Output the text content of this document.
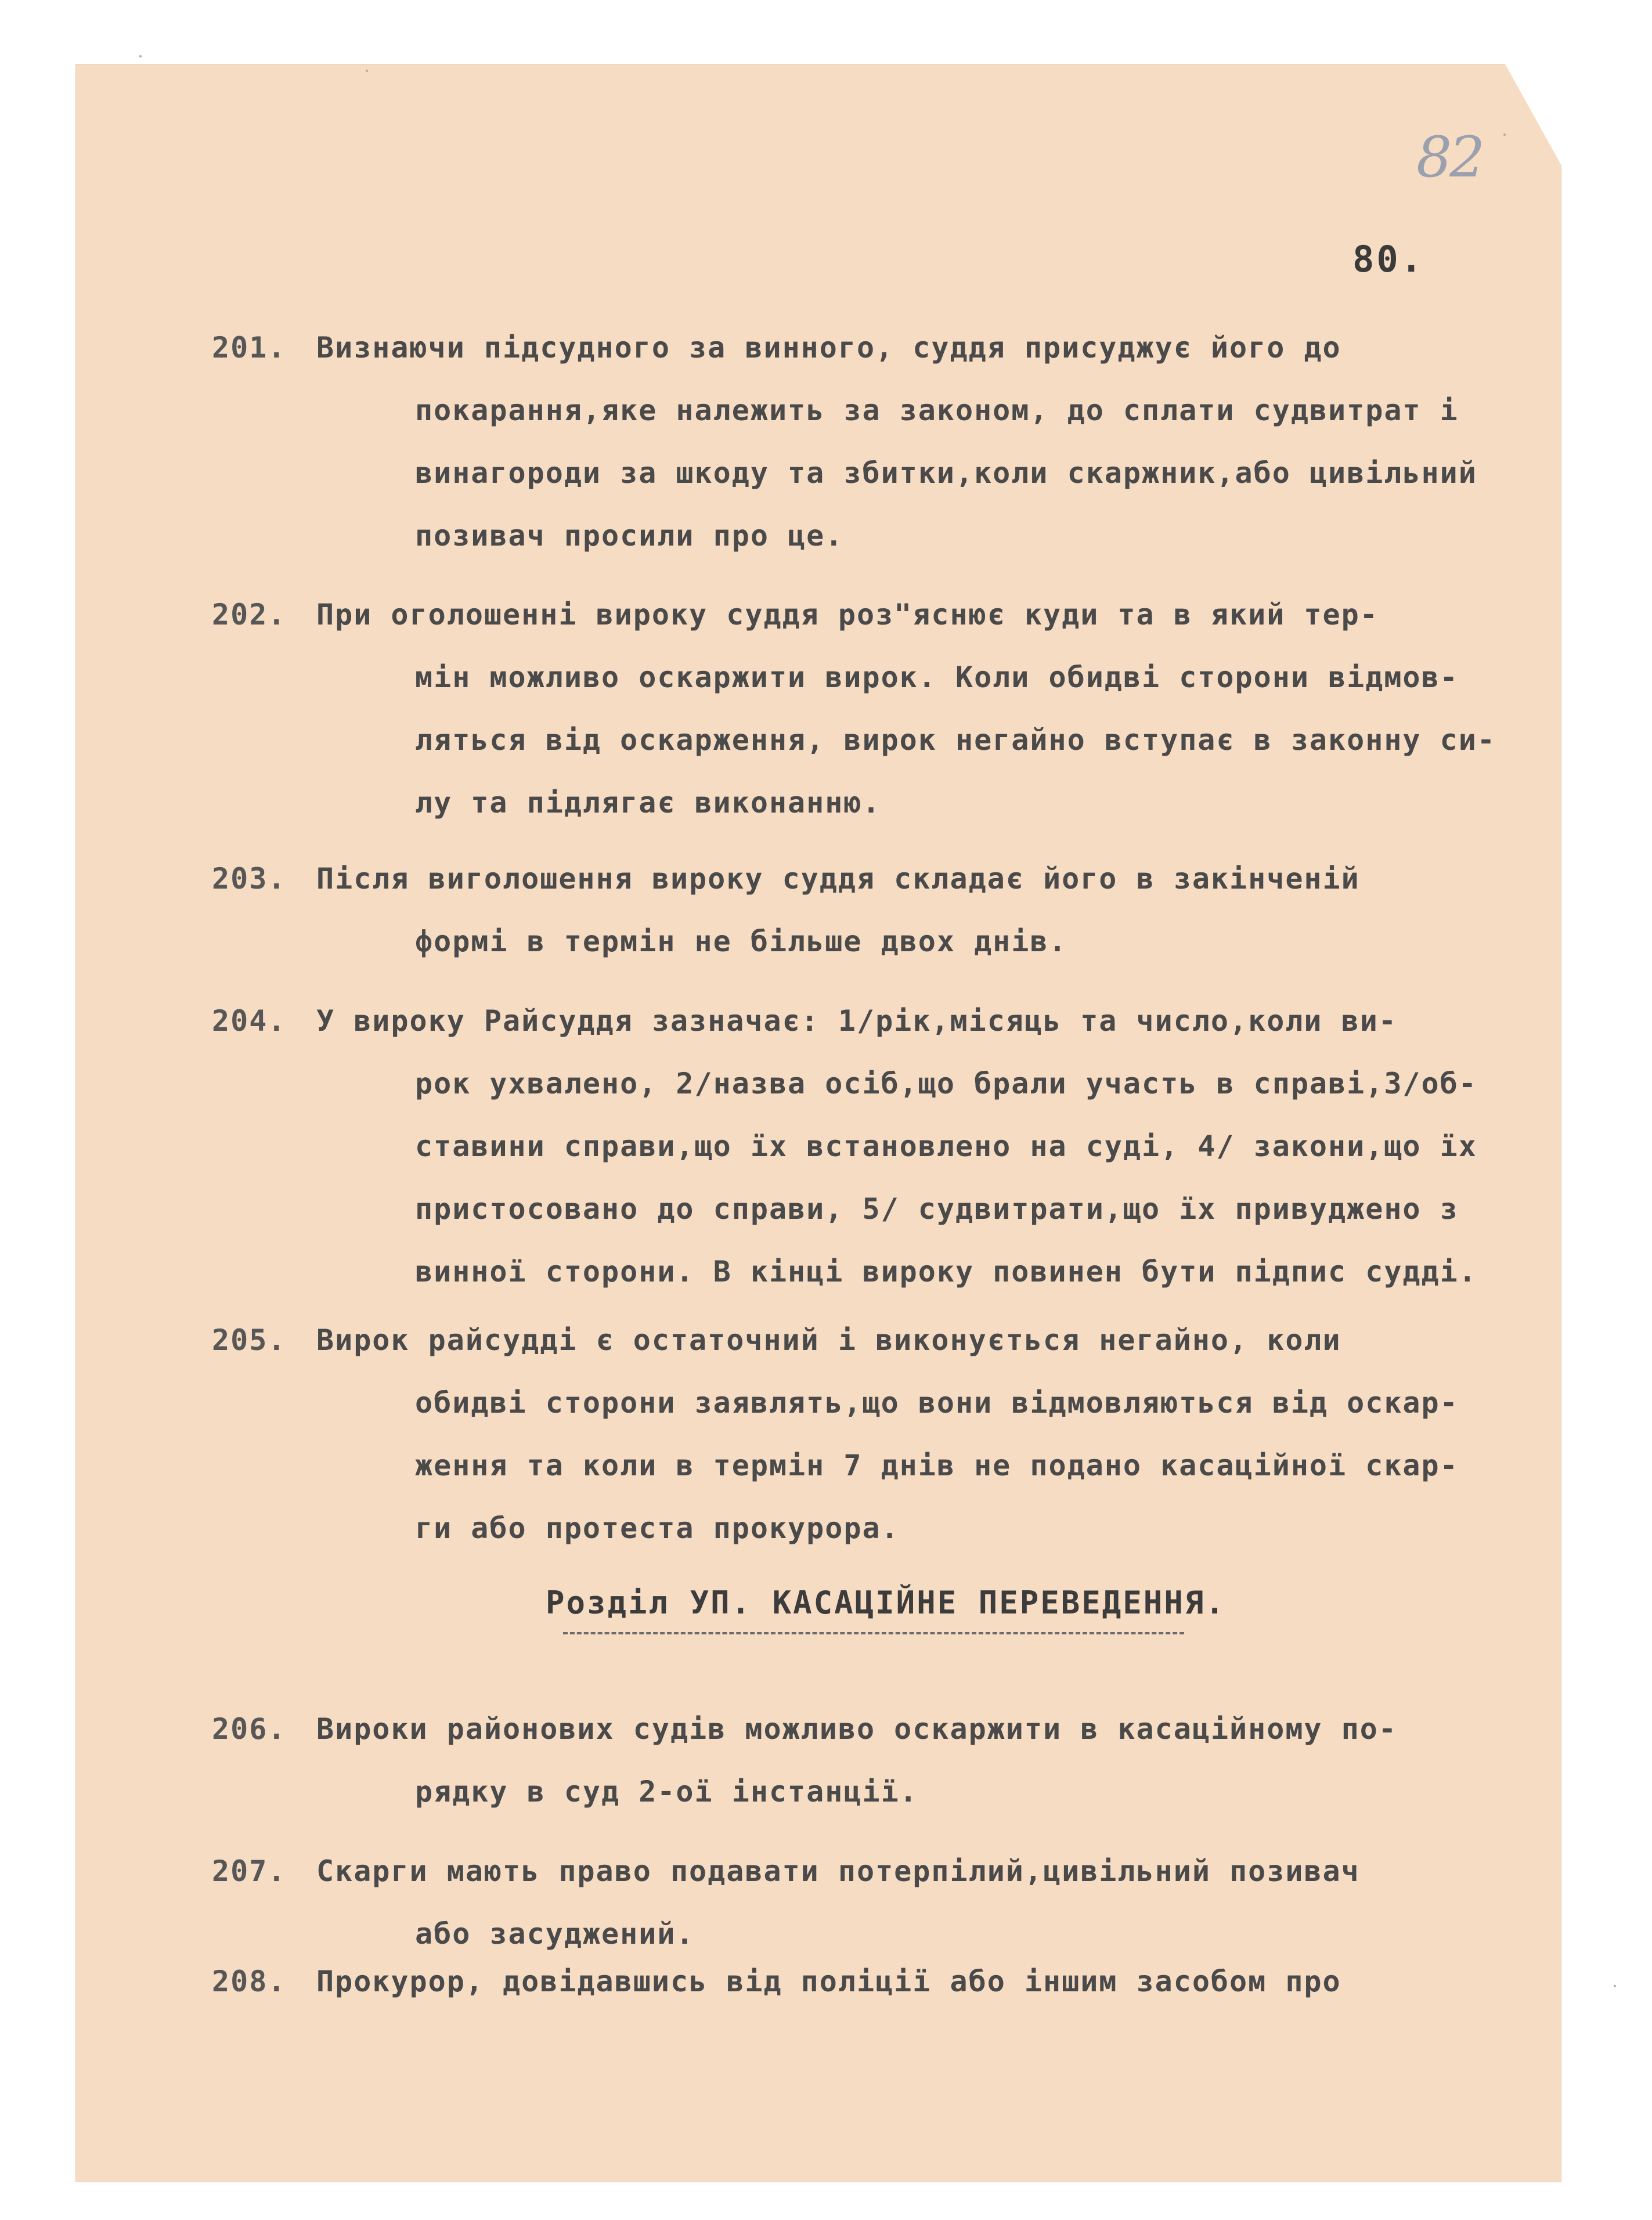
82
80.
201. Визнаючи підсудного за винного, суддя присуджує його до
покарання,яке належить за законом, до сплати судвитрат і
винагороди за шкоду та збитки,коли скаржник,або цивільний
позивач просили про це.
202. При оголошенні вироку суддя роз"яснює куди та в який тер-
мін можливо оскаржити вирок. Коли обидві сторони відмов-
ляться від оскарження, вирок негайно вступає в законну си-
лу та підлягає виконанню.
203. Після виголошення вироку суддя складає його в закінченій
формі в термін не більше двох днів.
204. У вироку Райсуддя зазначає: 1/рік,місяць та число,коли ви-
рок ухвалено, 2/назва осіб,що брали участь в справі,3/об-
ставини справи,що їх встановлено на суді, 4/ закони,що їх
пристосовано до справи, 5/ судвитрати,що їх привуджено з
винної сторони. В кінці вироку повинен бути підпис судді.
205. Вирок райсудді є остаточний і виконується негайно, коли
обидві сторони заявлять,що вони відмовляються від оскар-
ження та коли в термін 7 днів не подано касаційної скар-
ги або протеста прокурора.
Розділ УП. КАСАЦІЙНЕ ПЕРЕВЕДЕННЯ.
206. Вироки районових судів можливо оскаржити в касаційному по-
рядку в суд 2-ої інстанції.
207. Скарги мають право подавати потерпілий,цивільний позивач
або засуджений.
208. Прокурор, довідавшись від поліції або іншим засобом про
